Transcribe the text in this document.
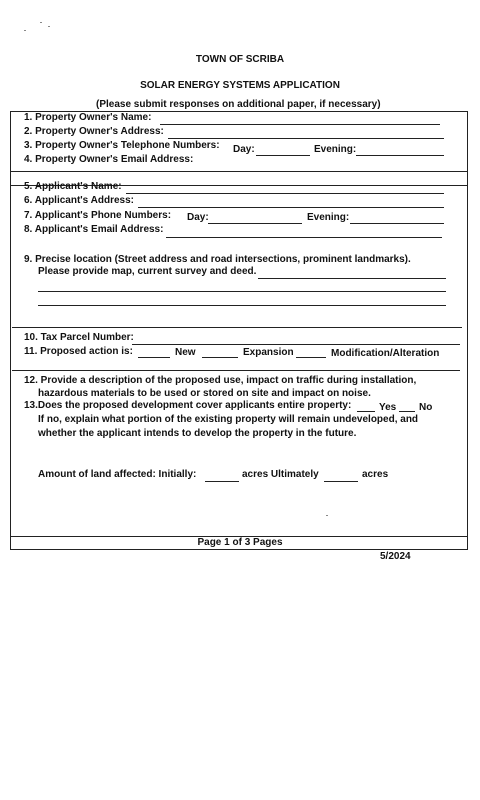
TOWN OF SCRIBA
SOLAR ENERGY SYSTEMS APPLICATION
(Please submit responses on additional paper, if necessary)
1. Property Owner's Name:
2. Property Owner's Address:
3. Property Owner's Telephone Numbers: Day:	Evening:
4. Property Owner's Email Address:
5. Applicant's Name:
6. Applicant's Address:
7. Applicant's Phone Numbers: Day:	Evening:
8. Applicant's Email Address:
9. Precise location (Street address and road intersections, prominent landmarks).
Please provide map, current survey and deed.
10. Tax Parcel Number:
11. Proposed action is:	New	Expansion	Modification/Alteration
12. Provide a description of the proposed use, impact on traffic during installation,
hazardous materials to be used or stored on site and impact on noise.
13.Does the proposed development cover applicants entire property:	Yes No
If no, explain what portion of the existing property will remain undeveloped, and
whether the applicant intends to develop the property in the future.
Amount of land affected: Initially:	acres Ultimately	acres
Page 1 of 3 Pages
5/2024
